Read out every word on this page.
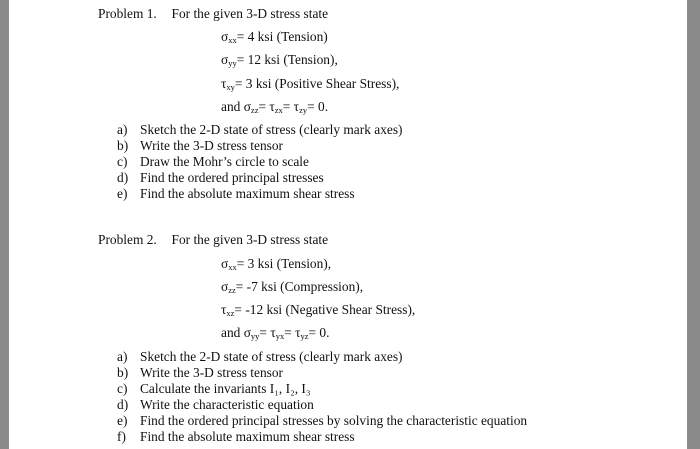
Problem 1. For the given 3-D stress state
$\sigma_{xx}= 4$ ksi (Tension)
$\sigma_{yy}= 12$ ksi (Tension),
$\tau_{xy}= 3$ ksi (Positive Shear Stress),
and $\sigma_{zz}= \tau_{zx}= \tau_{zy}= 0$.
a) Sketch the 2-D state of stress (clearly mark axes)
b) Write the 3-D stress tensor
c) Draw the Mohr’s circle to scale
d) Find the ordered principal stresses
e) Find the absolute maximum shear stress
Problem 2. For the given 3-D stress state
$\sigma_{xx}= 3$ ksi (Tension),
$\sigma_{zz}= -7$ ksi (Compression),
$\tau_{xz}= -12$ ksi (Negative Shear Stress),
and $\sigma_{yy}= \tau_{yx}= \tau_{yz}= 0$.
a) Sketch the 2-D state of stress (clearly mark axes)
b) Write the 3-D stress tensor
c) Calculate the invariants I₁, I₂, I₃
d) Write the characteristic equation
e) Find the ordered principal stresses by solving the characteristic equation
f) Find the absolute maximum shear stress
